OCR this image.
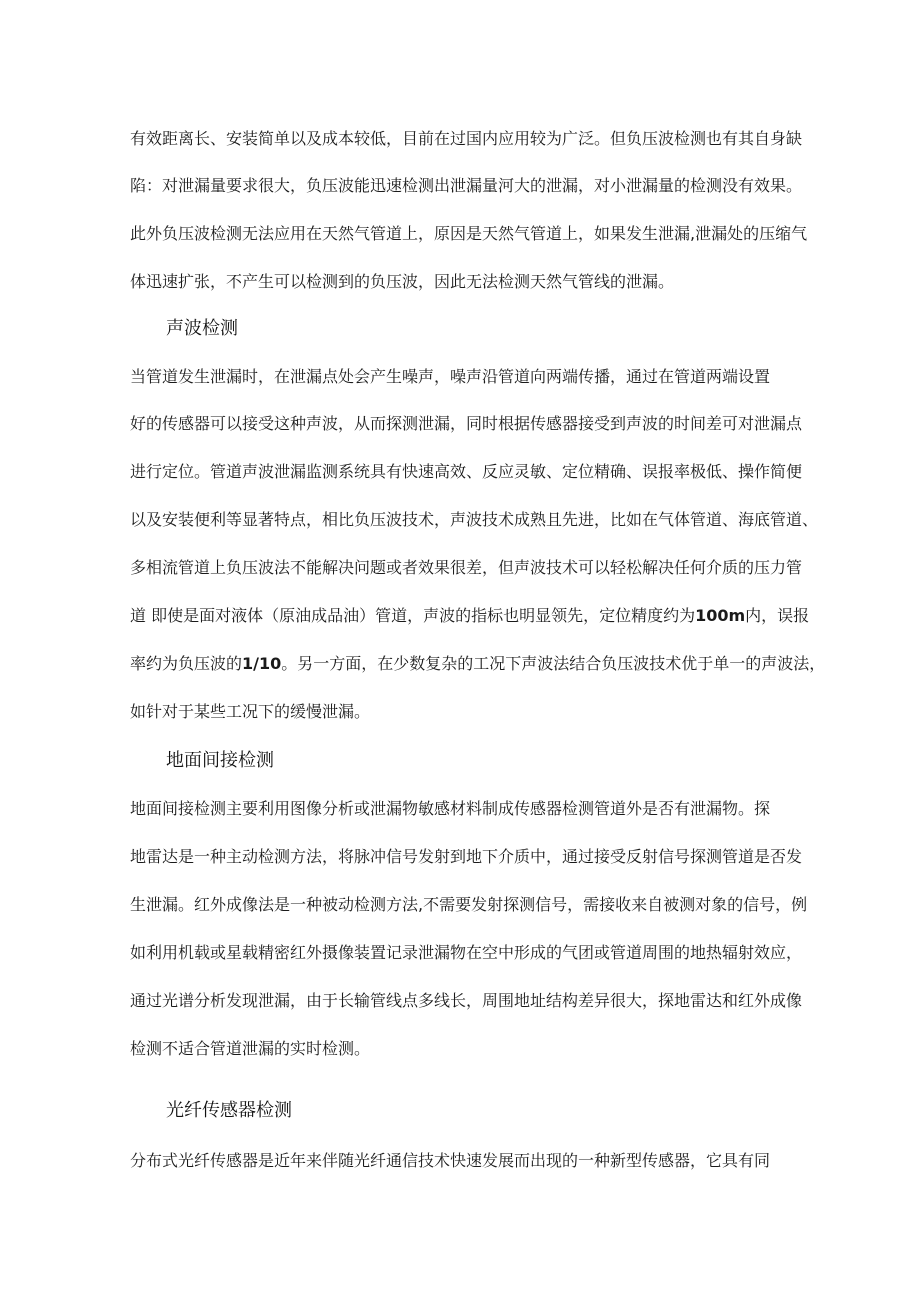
有效距离长、安装简单以及成本较低，目前在过国内应用较为广泛。但负压波检测也有其自身缺
陷：对泄漏量要求很大，负压波能迅速检测出泄漏量河大的泄漏，对小泄漏量的检测没有效果。
此外负压波检测无法应用在天然气管道上，原因是天然气管道上，如果发生泄漏,泄漏处的压缩气
体迅速扩张，不产生可以检测到的负压波，因此无法检测天然气管线的泄漏。
声波检测
当管道发生泄漏时，在泄漏点处会产生噪声，噪声沿管道向两端传播，通过在管道两端设置
好的传感器可以接受这种声波，从而探测泄漏，同时根据传感器接受到声波的时间差可对泄漏点
进行定位。管道声波泄漏监测系统具有快速高效、反应灵敏、定位精确、误报率极低、操作简便
以及安装便利等显著特点，相比负压波技术，声波技术成熟且先进，比如在气体管道、海底管道、
多相流管道上负压波法不能解决问题或者效果很差，但声波技术可以轻松解决任何介质的压力管
道 即使是面对液体（原油成品油）管道，声波的指标也明显领先，定位精度约为100m内，误报
率约为负压波的1/10。另一方面，在少数复杂的工况下声波法结合负压波技术优于单一的声波法，
如针对于某些工况下的缓慢泄漏。
地面间接检测
地面间接检测主要利用图像分析或泄漏物敏感材料制成传感器检测管道外是否有泄漏物。探
地雷达是一种主动检测方法，将脉冲信号发射到地下介质中，通过接受反射信号探测管道是否发
生泄漏。红外成像法是一种被动检测方法,不需要发射探测信号，需接收来自被测对象的信号，例
如利用机载或星载精密红外摄像装置记录泄漏物在空中形成的气团或管道周围的地热辐射效应，
通过光谱分析发现泄漏，由于长输管线点多线长，周围地址结构差异很大，探地雷达和红外成像
检测不适合管道泄漏的实时检测。
光纤传感器检测
分布式光纤传感器是近年来伴随光纤通信技术快速发展而出现的一种新型传感器，它具有同
